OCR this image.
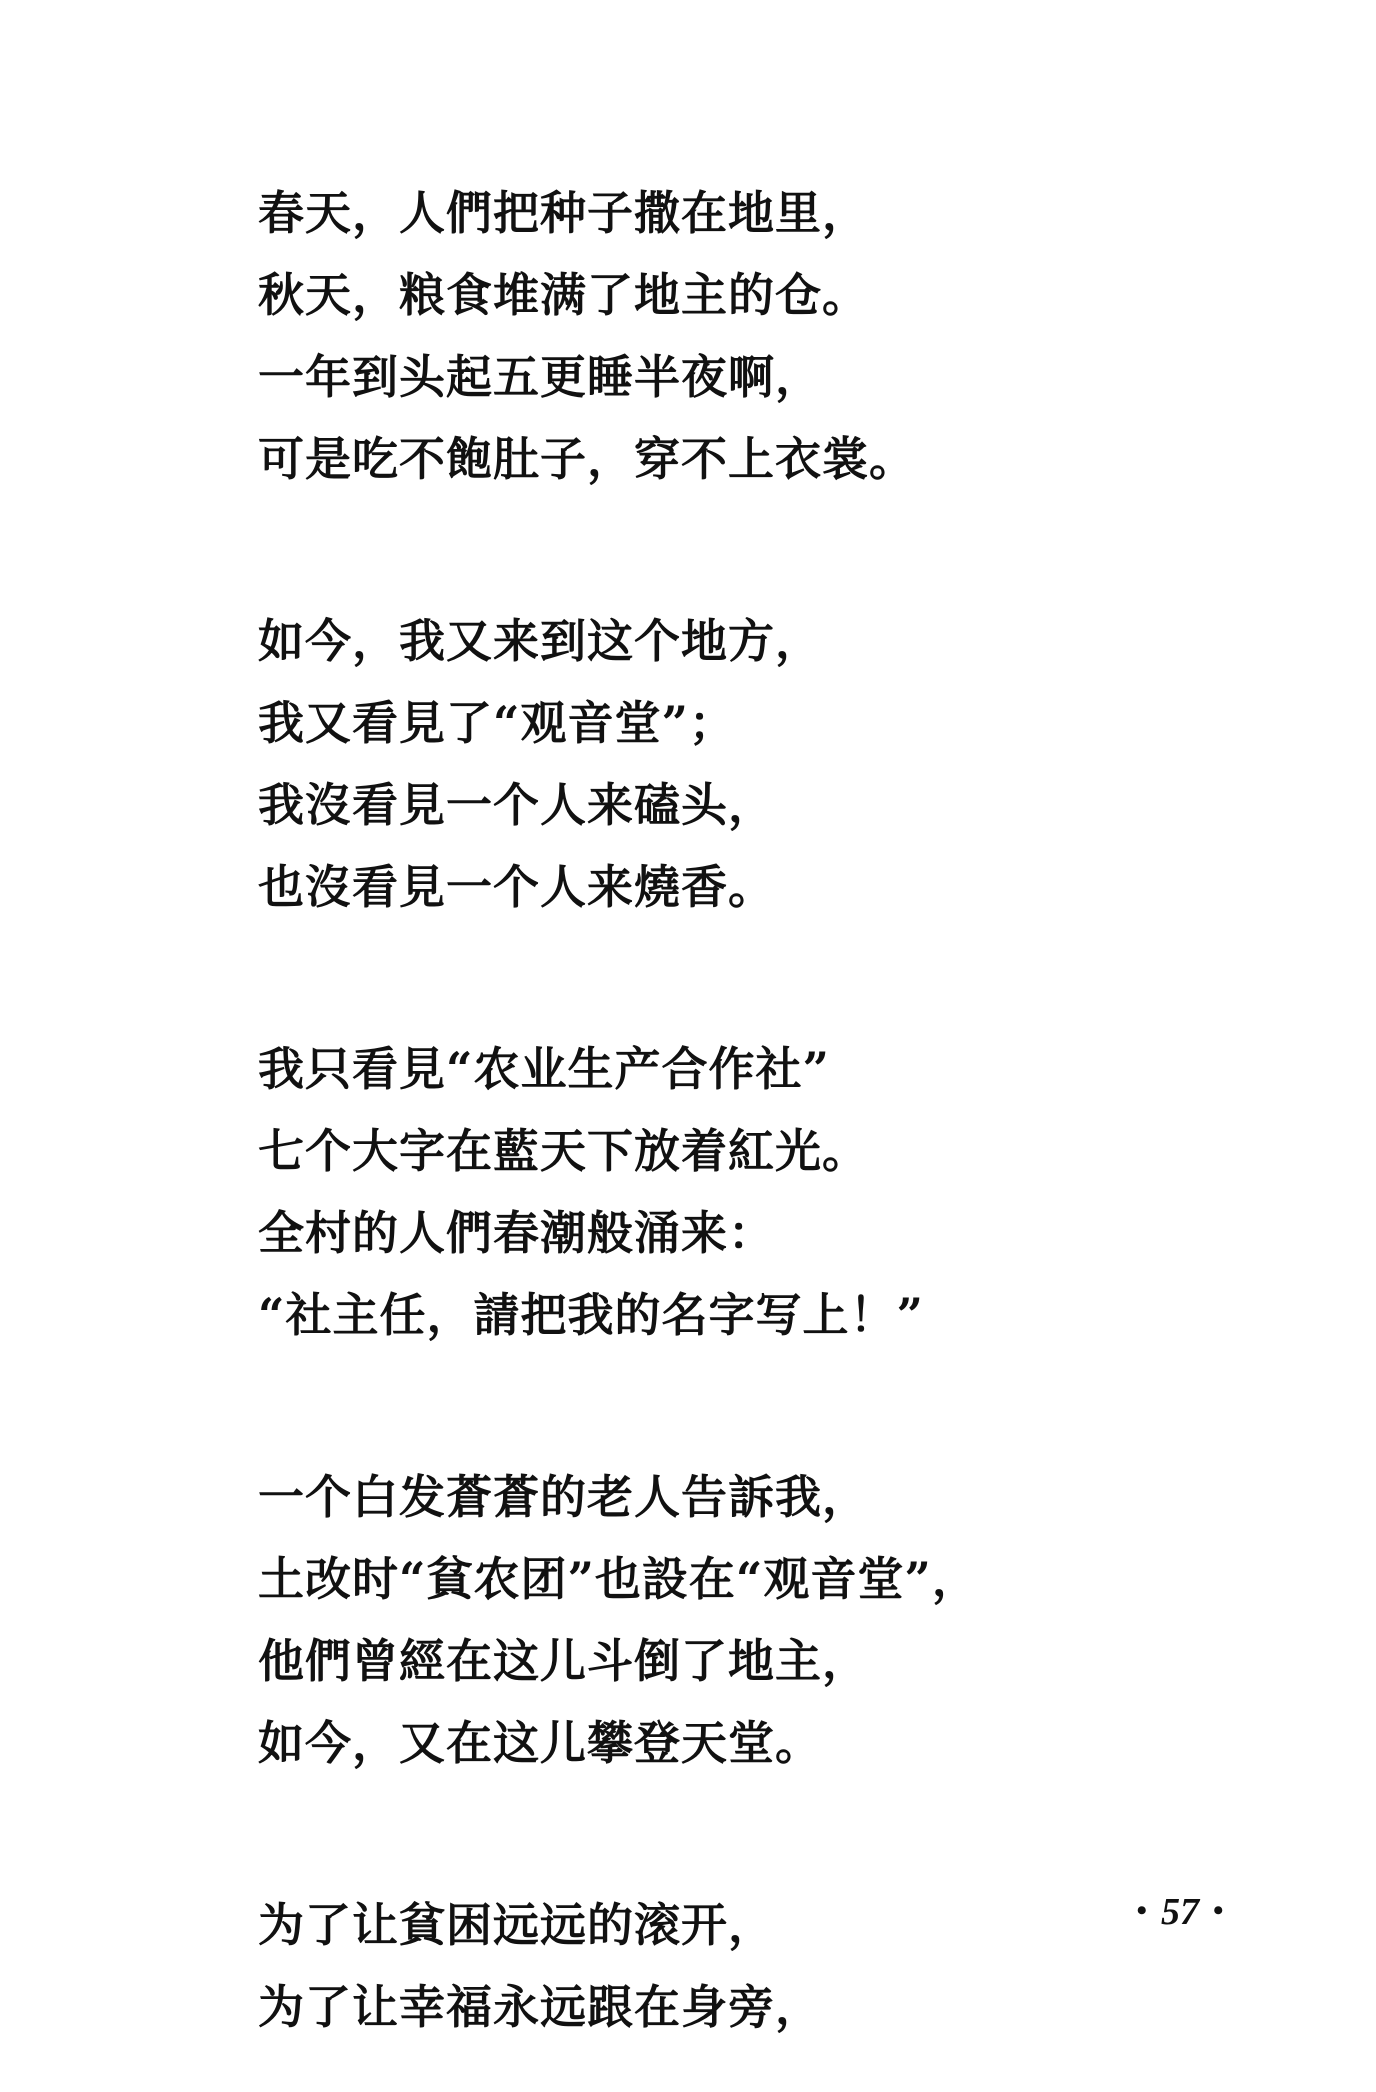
春天，人們把种子撒在地里，
秋天，粮食堆满了地主的仓。
一年到头起五更睡半夜啊，
可是吃不飽肚子，穿不上衣裳。
如今，我又来到这个地方，
我又看見了“观音堂”；
我沒看見一个人来磕头，
也沒看見一个人来燒香。
我只看見“农业生产合作社”
七个大字在藍天下放着紅光。
全村的人們春潮般涌来：
“社主任，請把我的名字写上！”
一个白发蒼蒼的老人告訴我，
土改时“貧农团”也設在“观音堂”，
他們曾經在这儿斗倒了地主，
如今，又在这儿攀登天堂。
为了让貧困远远的滚开，
为了让幸福永远跟在身旁，
• 57 •
